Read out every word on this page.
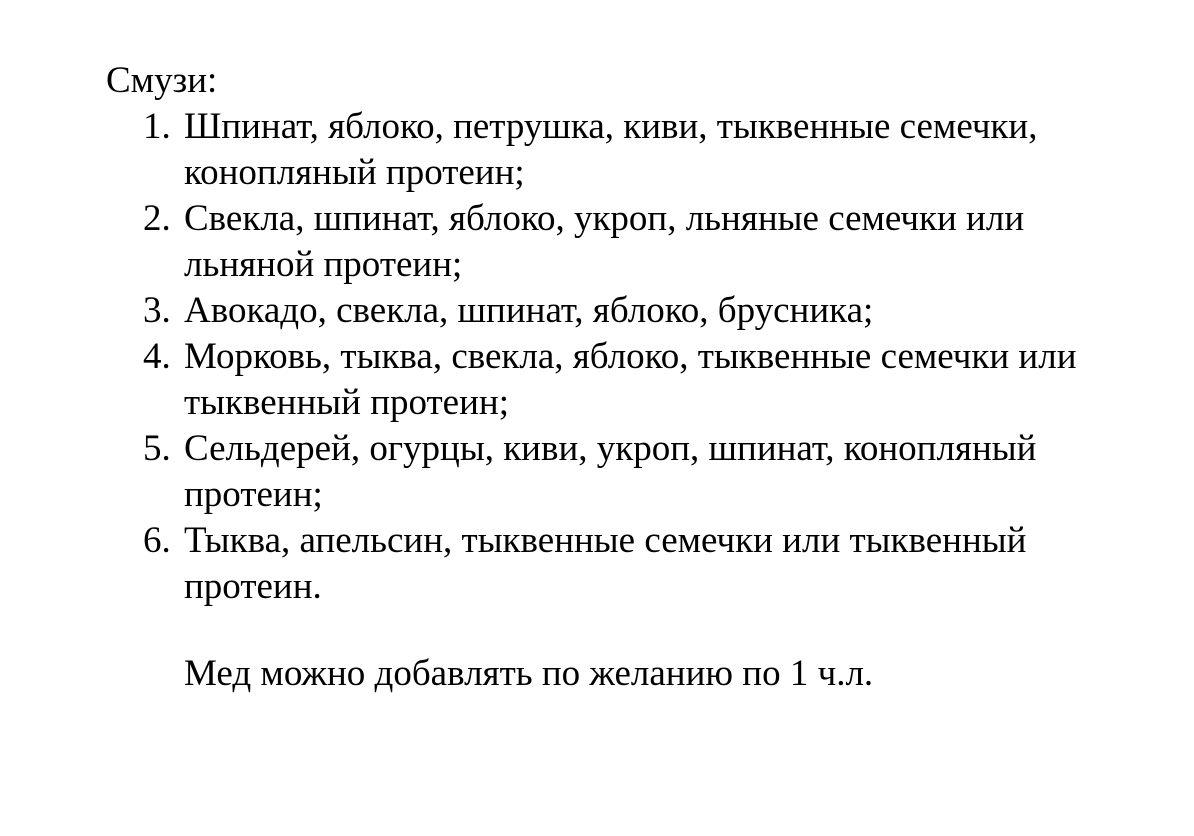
Смузи:
1. Шпинат, яблоко, петрушка, киви, тыквенные семечки, конопляный протеин;
2. Свекла, шпинат, яблоко, укроп, льняные семечки или льняной протеин;
3. Авокадо, свекла, шпинат, яблоко, брусника;
4. Морковь, тыква, свекла, яблоко, тыквенные семечки или тыквенный протеин;
5. Сельдерей, огурцы, киви, укроп, шпинат, конопляный протеин;
6. Тыква, апельсин, тыквенные семечки или тыквенный протеин.
Мед можно добавлять по желанию по 1 ч.л.
